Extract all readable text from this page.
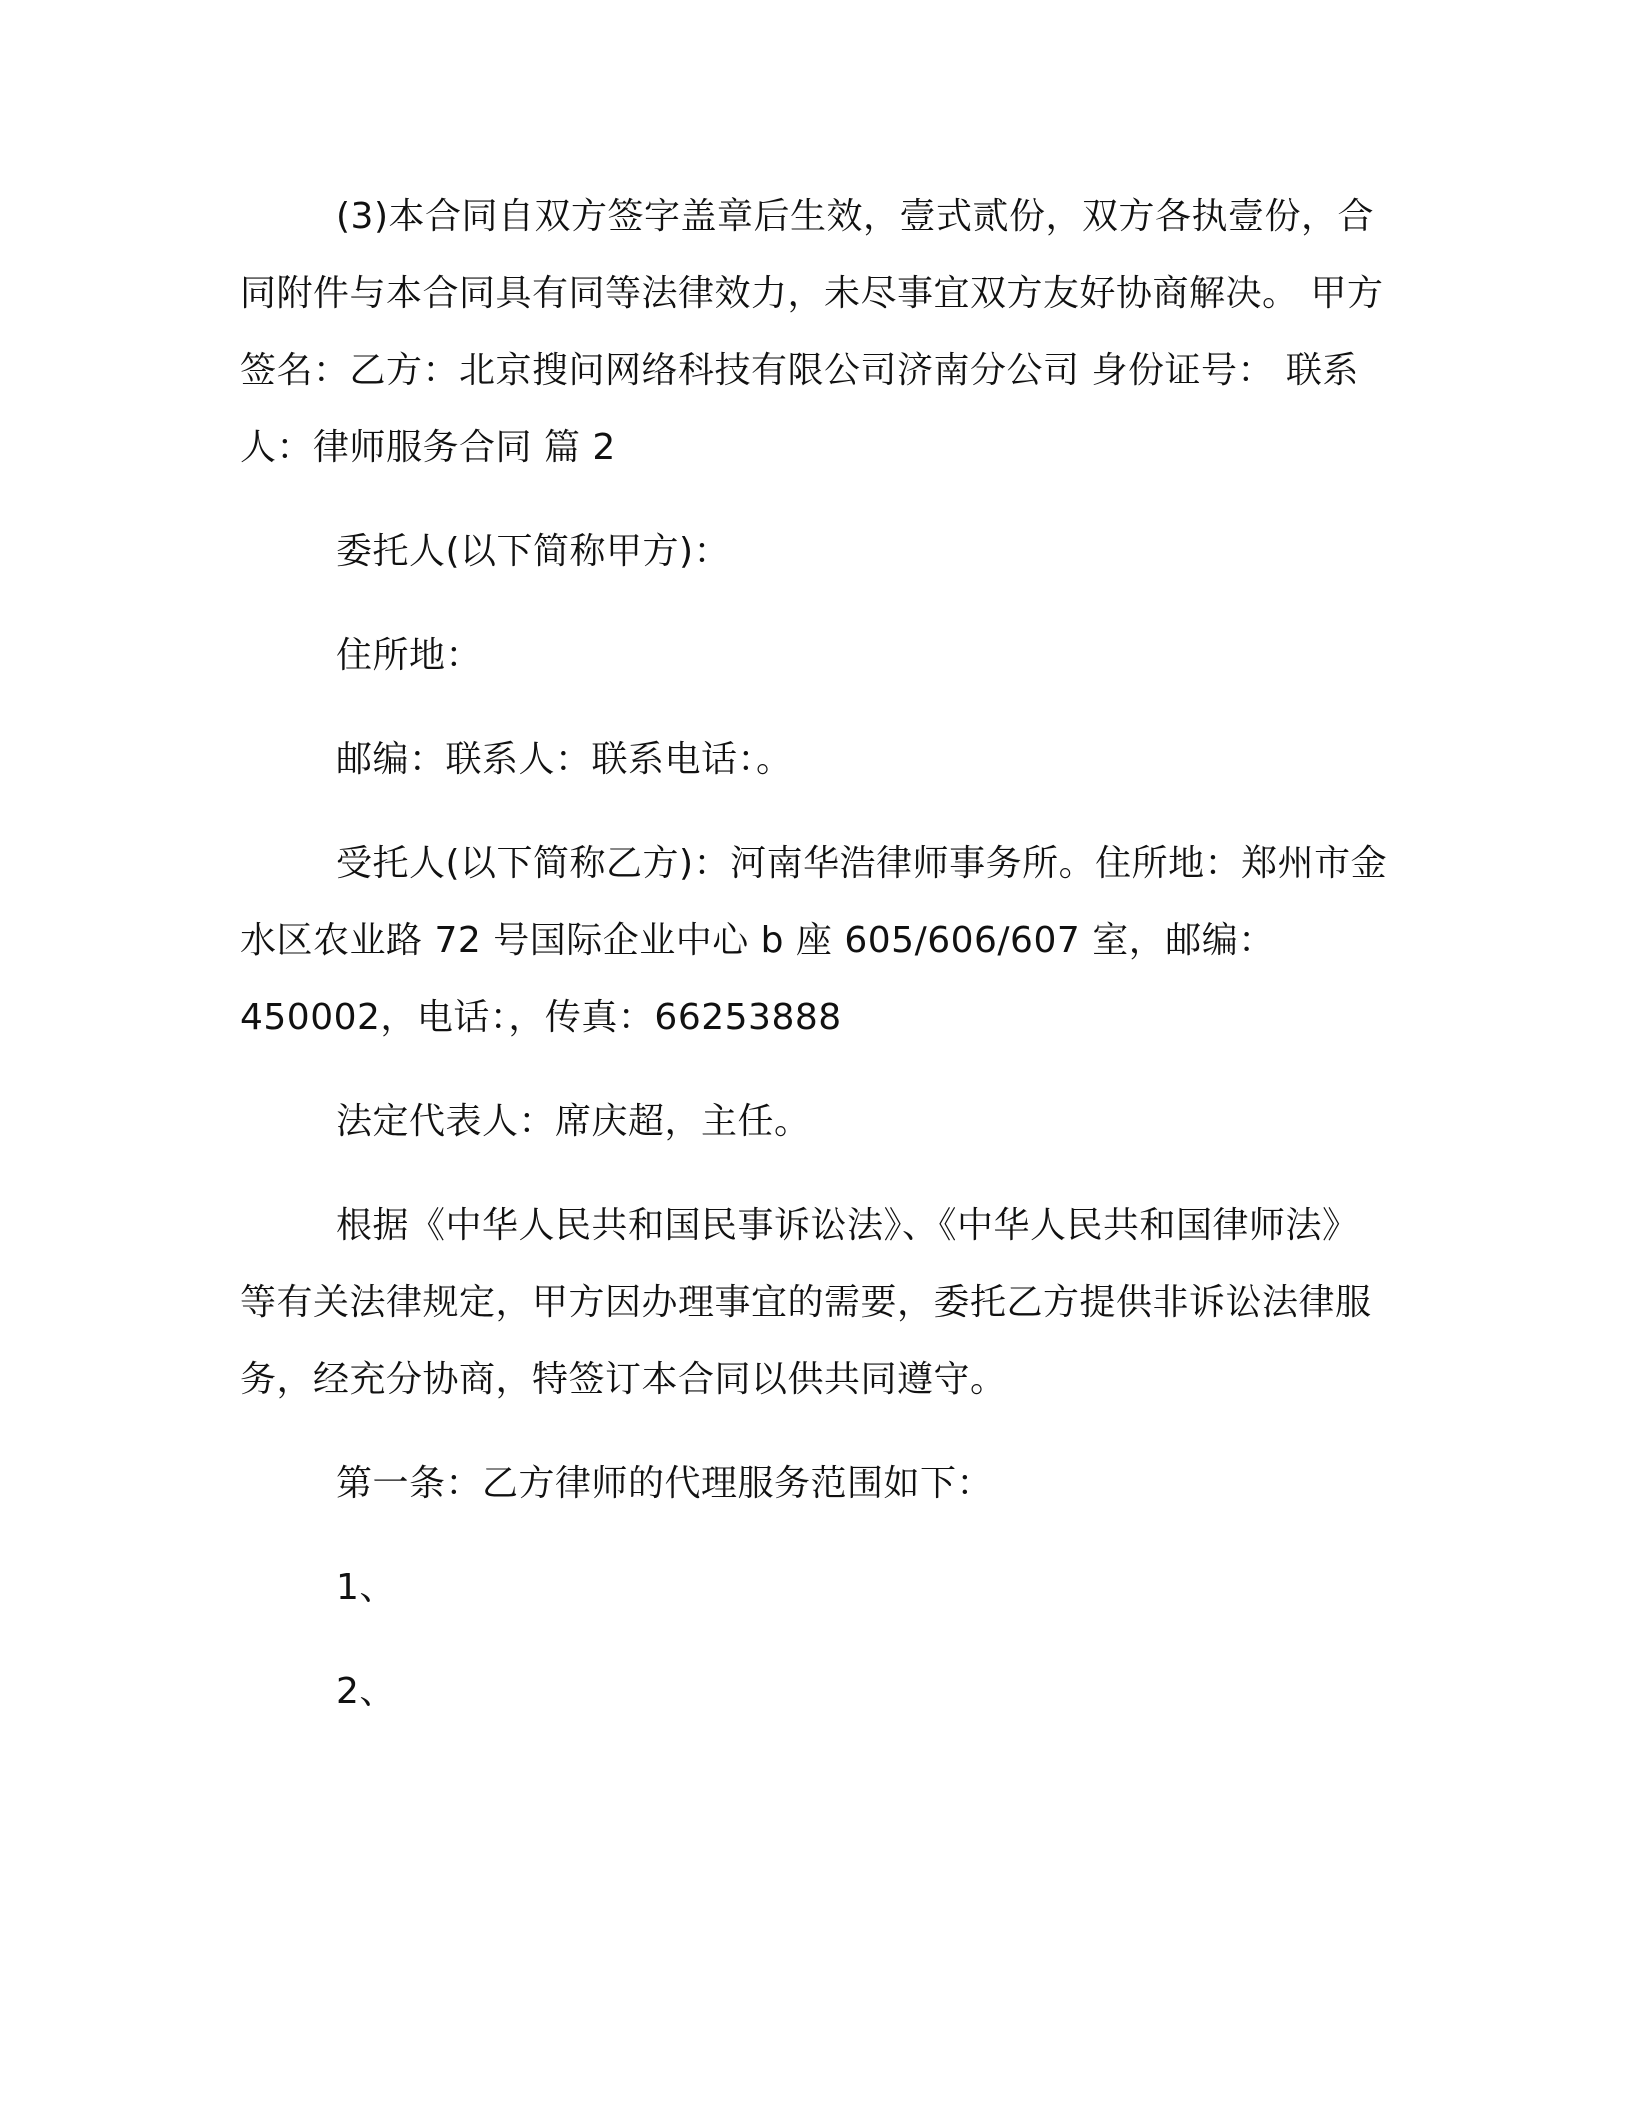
(3)本合同自双方签字盖章后生效，壹式贰份，双方各执壹份，合同附件与本合同具有同等法律效力，未尽事宜双方友好协商解决。 甲方签名：乙方：北京搜问网络科技有限公司济南分公司 身份证号： 联系人：律师服务合同 篇 2

委托人(以下简称甲方)：

住所地：

邮编：联系人：联系电话：。

受托人(以下简称乙方)：河南华浩律师事务所。住所地：郑州市金水区农业路 72 号国际企业中心 b 座 605/606/607 室，邮编：450002，电话：，传真：66253888

法定代表人：席庆超，主任。

根据《中华人民共和国民事诉讼法》、《中华人民共和国律师法》等有关法律规定，甲方因办理事宜的需要，委托乙方提供非诉讼法律服务，经充分协商，特签订本合同以供共同遵守。

第一条：乙方律师的代理服务范围如下：

1、

2、
